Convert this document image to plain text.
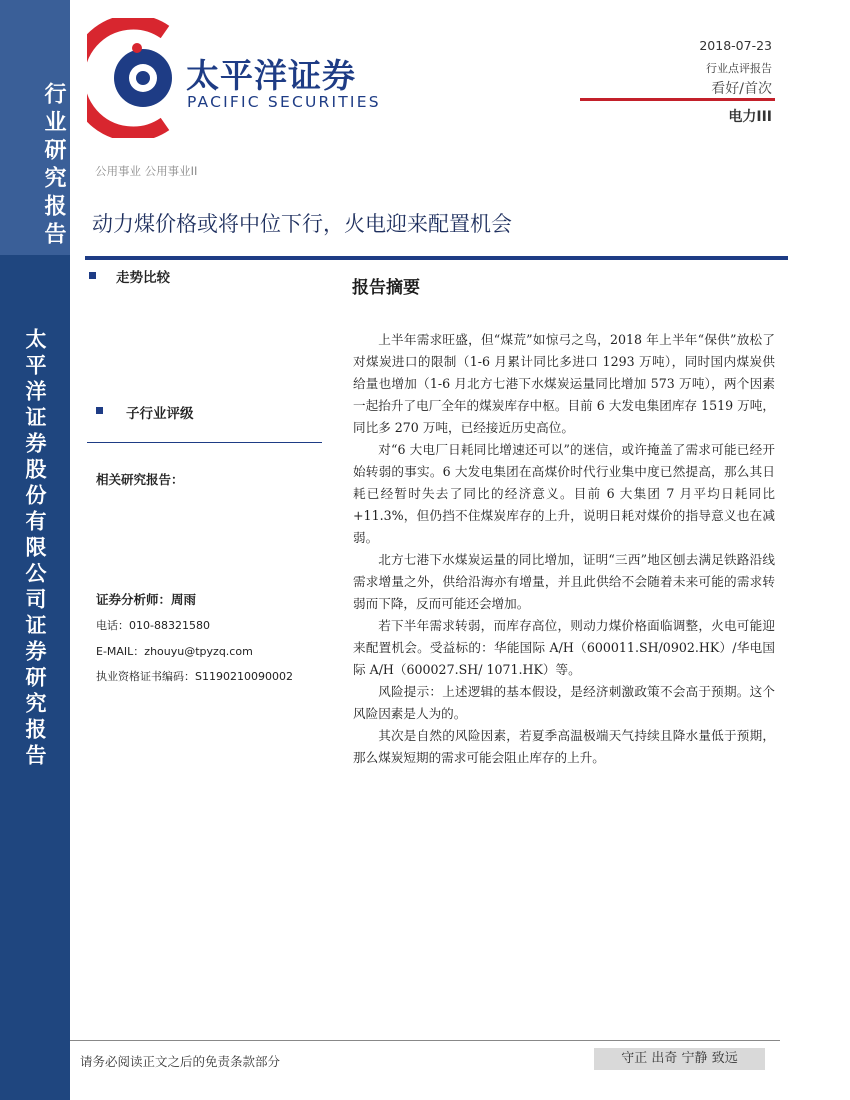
行业研究报告
太平洋证券股份有限公司证券研究报告
太平洋证券
PACIFIC SECURITIES
2018-07-23
行业点评报告
看好/首次
电力III
公用事业 公用事业II
动力煤价格或将中位下行，火电迎来配置机会
走势比较
子行业评级
相关研究报告：
证券分析师：周雨
电话：010-88321580
E-MAIL：zhouyu@tpyzq.com
执业资格证书编码：S1190210090002
报告摘要

上半年需求旺盛，但“煤荒”如惊弓之鸟，2018 年上半年“保供”放松了对煤炭进口的限制（1-6 月累计同比多进口 1293 万吨），同时国内煤炭供给量也增加（1-6 月北方七港下水煤炭运量同比增加 573 万吨），两个因素一起抬升了电厂全年的煤炭库存中枢。目前 6 大发电集团库存 1519 万吨，同比多 270 万吨，已经接近历史高位。

对“6 大电厂日耗同比增速还可以”的迷信，或许掩盖了需求可能已经开始转弱的事实。6 大发电集团在高煤价时代行业集中度已然提高，那么其日耗已经暂时失去了同比的经济意义。目前 6 大集团 7 月平均日耗同比+11.3%，但仍挡不住煤炭库存的上升，说明日耗对煤价的指导意义也在减弱。

北方七港下水煤炭运量的同比增加，证明“三西”地区刨去满足铁路沿线需求增量之外，供给沿海亦有增量，并且此供给不会随着未来可能的需求转弱而下降，反而可能还会增加。

若下半年需求转弱，而库存高位，则动力煤价格面临调整，火电可能迎来配置机会。受益标的：华能国际 A/H（600011.SH/0902.HK）/华电国际 A/H（600027.SH/ 1071.HK）等。

风险提示：上述逻辑的基本假设，是经济刺激政策不会高于预期。这个风险因素是人为的。

其次是自然的风险因素，若夏季高温极端天气持续且降水量低于预期，那么煤炭短期的需求可能会阻止库存的上升。

请务必阅读正文之后的免责条款部分	守正 出奇 宁静 致远
